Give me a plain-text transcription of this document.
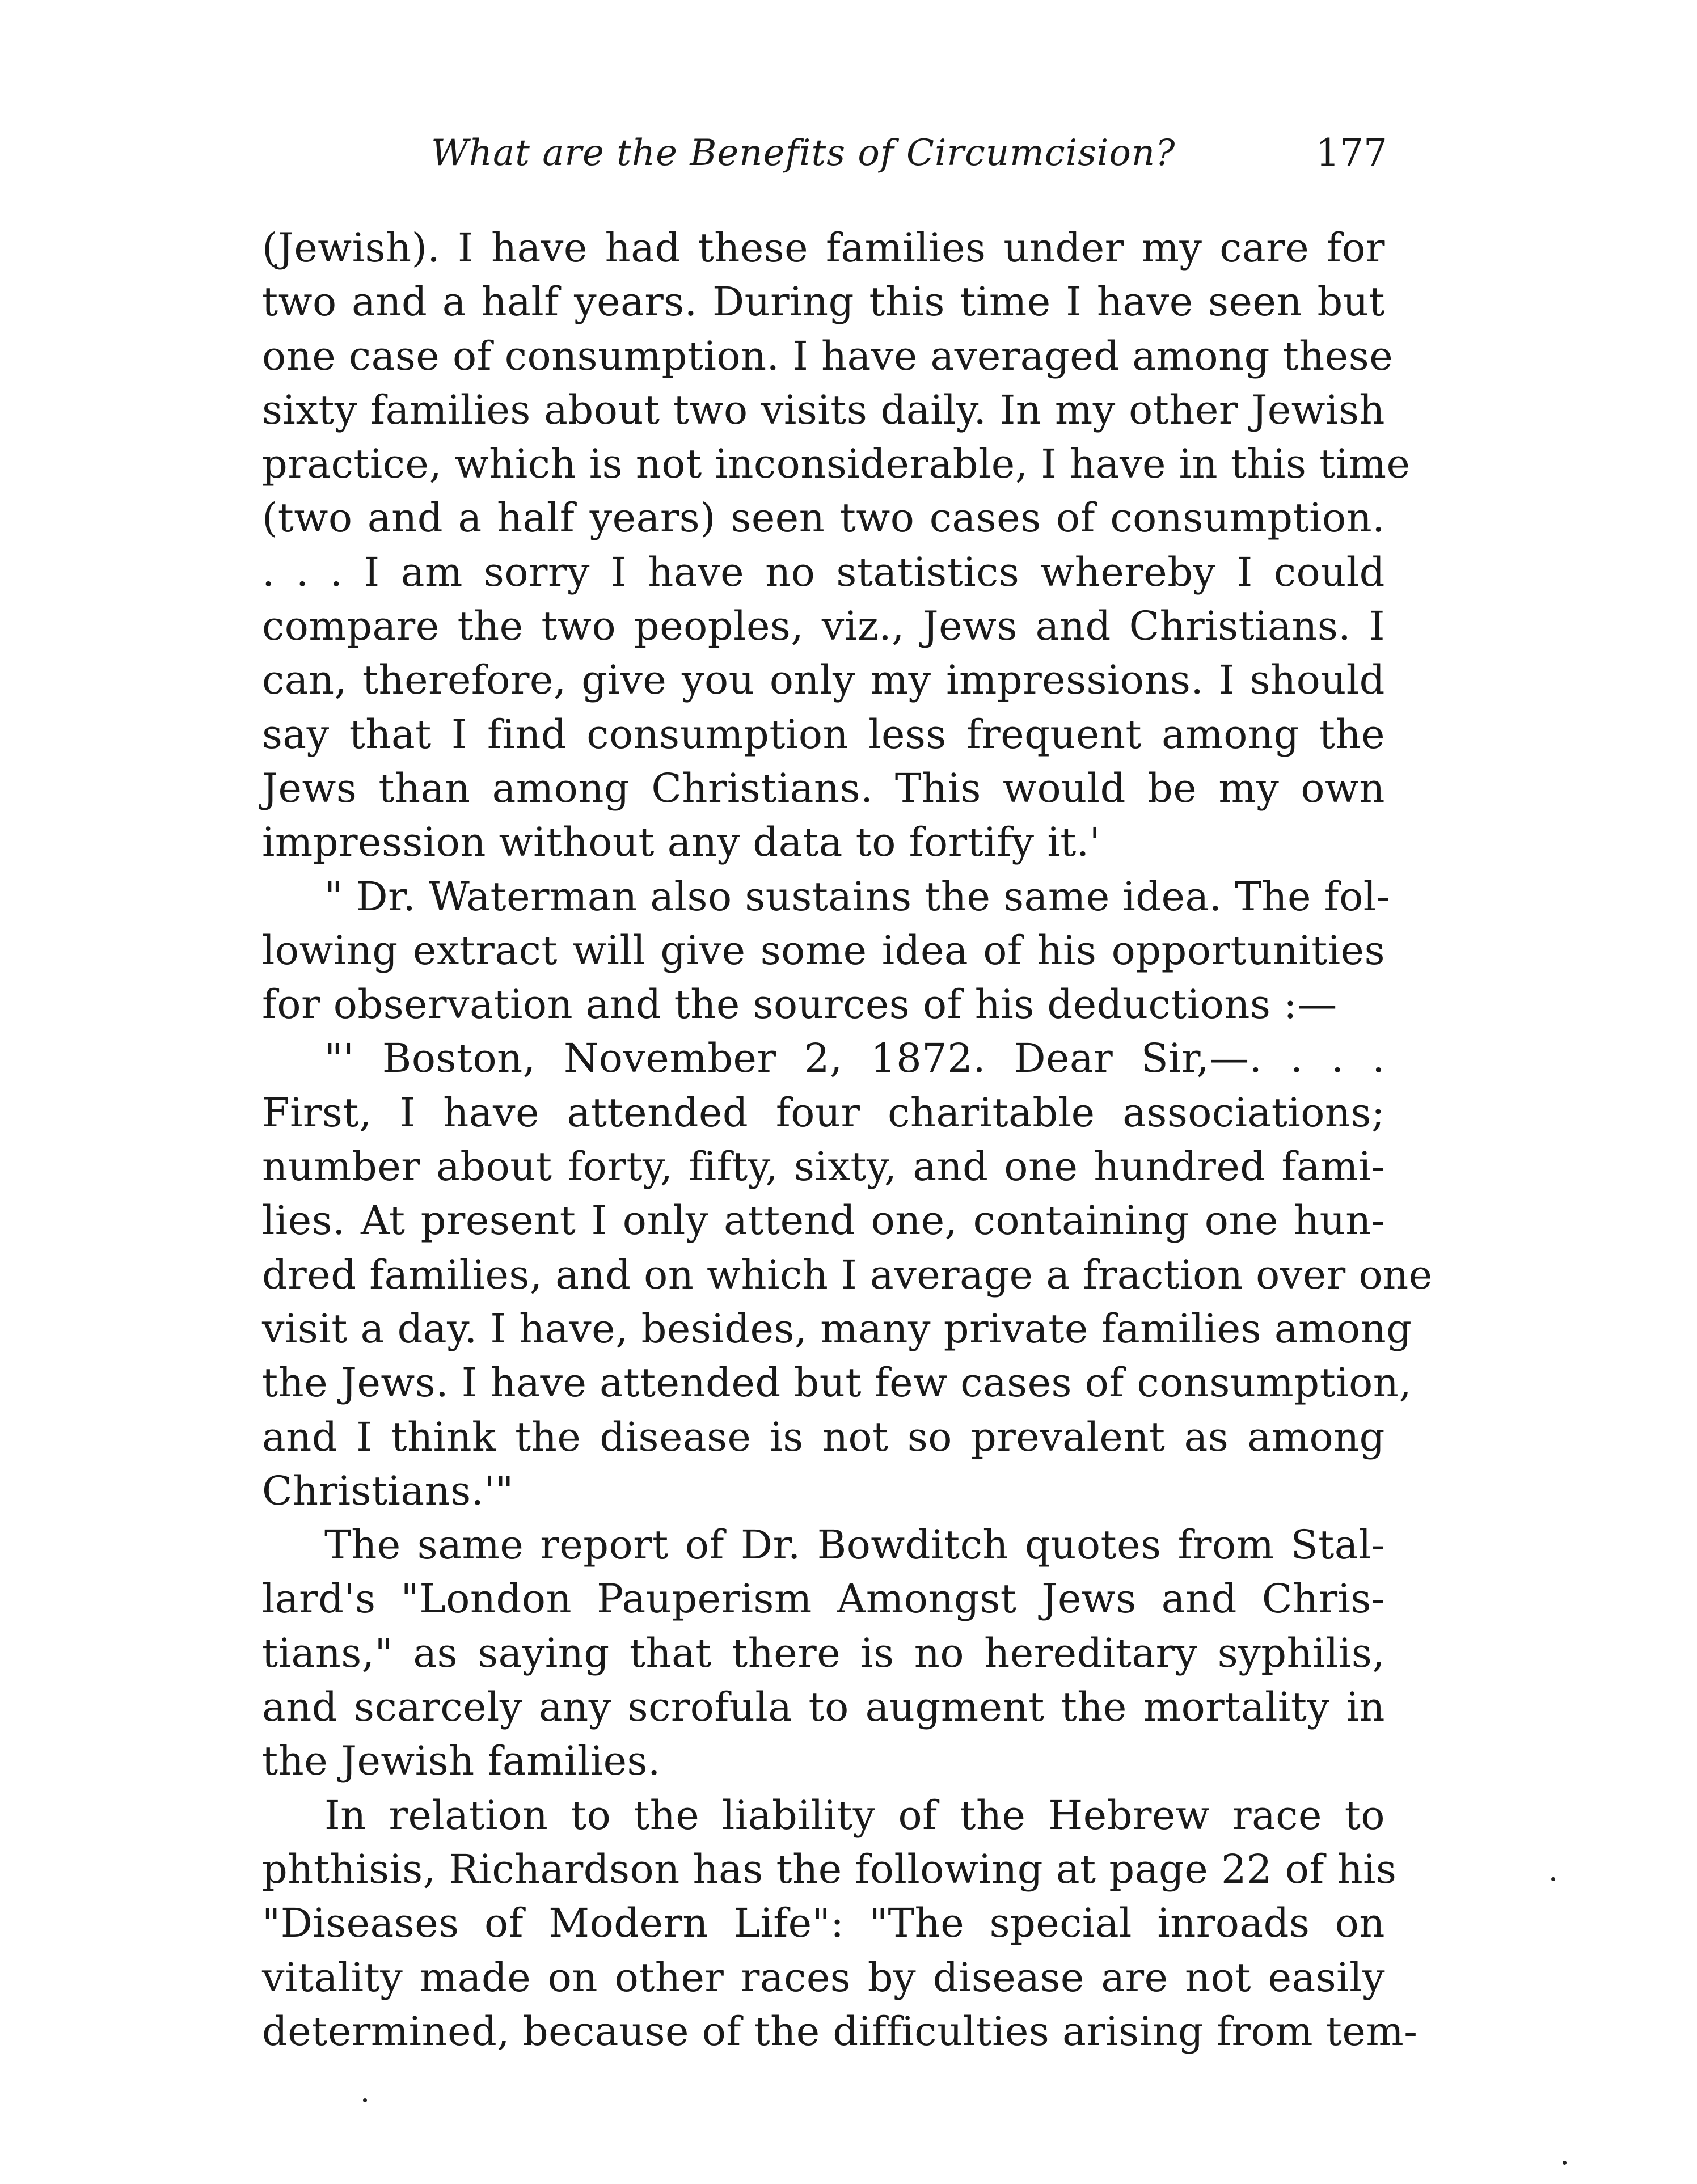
What are the Benefits of Circumcision?	177
(Jewish). I have had these families under my care for
two and a half years. During this time I have seen but
one case of consumption. I have averaged among these
sixty families about two visits daily. In my other Jewish
practice, which is not inconsiderable, I have in this time
(two and a half years) seen two cases of consumption.
. . . I am sorry I have no statistics whereby I could
compare the two peoples, viz., Jews and Christians. I
can, therefore, give you only my impressions. I should
say that I find consumption less frequent among the
Jews than among Christians. This would be my own
impression without any data to fortify it.'
" Dr. Waterman also sustains the same idea. The fol-
lowing extract will give some idea of his opportunities
for observation and the sources of his deductions :—
"' Boston, November 2, 1872. Dear Sir,—. . . .
First, I have attended four charitable associations;
number about forty, fifty, sixty, and one hundred fami-
lies. At present I only attend one, containing one hun-
dred families, and on which I average a fraction over one
visit a day. I have, besides, many private families among
the Jews. I have attended but few cases of consumption,
and I think the disease is not so prevalent as among
Christians.'"
The same report of Dr. Bowditch quotes from Stal-
lard's "London Pauperism Amongst Jews and Chris-
tians," as saying that there is no hereditary syphilis,
and scarcely any scrofula to augment the mortality in
the Jewish families.
In relation to the liability of the Hebrew race to
phthisis, Richardson has the following at page 22 of his
"Diseases of Modern Life": "The special inroads on
vitality made on other races by disease are not easily
determined, because of the difficulties arising from tem-
